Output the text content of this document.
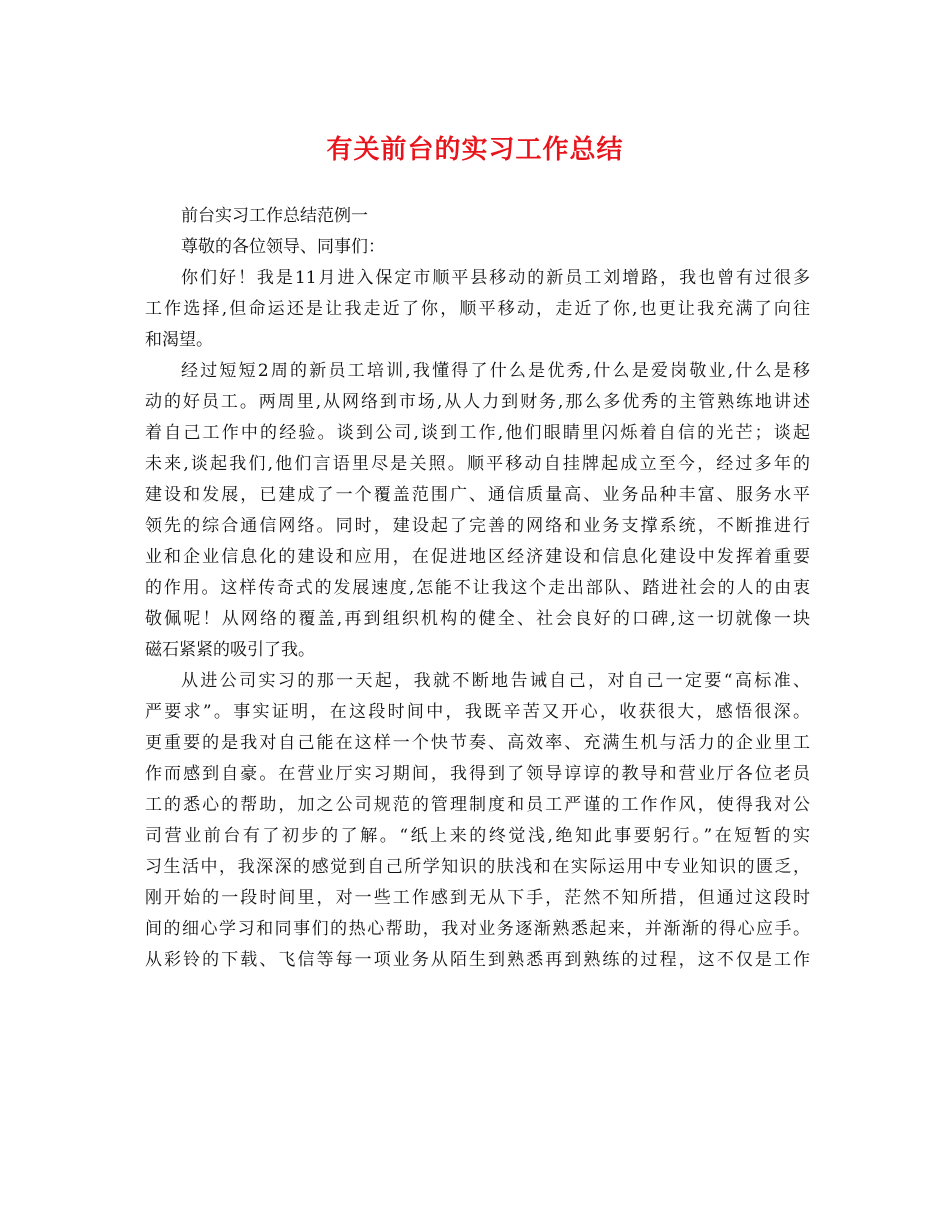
有关前台的实习工作总结
前台实习工作总结范例一
尊敬的各位领导、同事们：
你们好！我是11月进入保定市顺平县移动的新员工刘增路，我也曾有过很多
工作选择,但命运还是让我走近了你，顺平移动，走近了你,也更让我充满了向往
和渴望。
经过短短2周的新员工培训,我懂得了什么是优秀,什么是爱岗敬业,什么是移
动的好员工。两周里,从网络到市场,从人力到财务,那么多优秀的主管熟练地讲述
着自己工作中的经验。谈到公司,谈到工作,他们眼睛里闪烁着自信的光芒；谈起
未来,谈起我们,他们言语里尽是关照。顺平移动自挂牌起成立至今，经过多年的
建设和发展，已建成了一个覆盖范围广、通信质量高、业务品种丰富、服务水平
领先的综合通信网络。同时，建设起了完善的网络和业务支撑系统，不断推进行
业和企业信息化的建设和应用，在促进地区经济建设和信息化建设中发挥着重要
的作用。这样传奇式的发展速度,怎能不让我这个走出部队、踏进社会的人的由衷
敬佩呢！从网络的覆盖,再到组织机构的健全、社会良好的口碑,这一切就像一块
磁石紧紧的吸引了我。
从进公司实习的那一天起，我就不断地告诫自己，对自己一定要“高标准、
严要求”。事实证明，在这段时间中，我既辛苦又开心，收获很大，感悟很深。
更重要的是我对自己能在这样一个快节奏、高效率、充满生机与活力的企业里工
作而感到自豪。在营业厅实习期间，我得到了领导谆谆的教导和营业厅各位老员
工的悉心的帮助，加之公司规范的管理制度和员工严谨的工作作风，使得我对公
司营业前台有了初步的了解。“纸上来的终觉浅,绝知此事要躬行。”在短暂的实
习生活中，我深深的感觉到自己所学知识的肤浅和在实际运用中专业知识的匮乏，
刚开始的一段时间里，对一些工作感到无从下手，茫然不知所措，但通过这段时
间的细心学习和同事们的热心帮助，我对业务逐渐熟悉起来，并渐渐的得心应手。
从彩铃的下载、飞信等每一项业务从陌生到熟悉再到熟练的过程，这不仅是工作
